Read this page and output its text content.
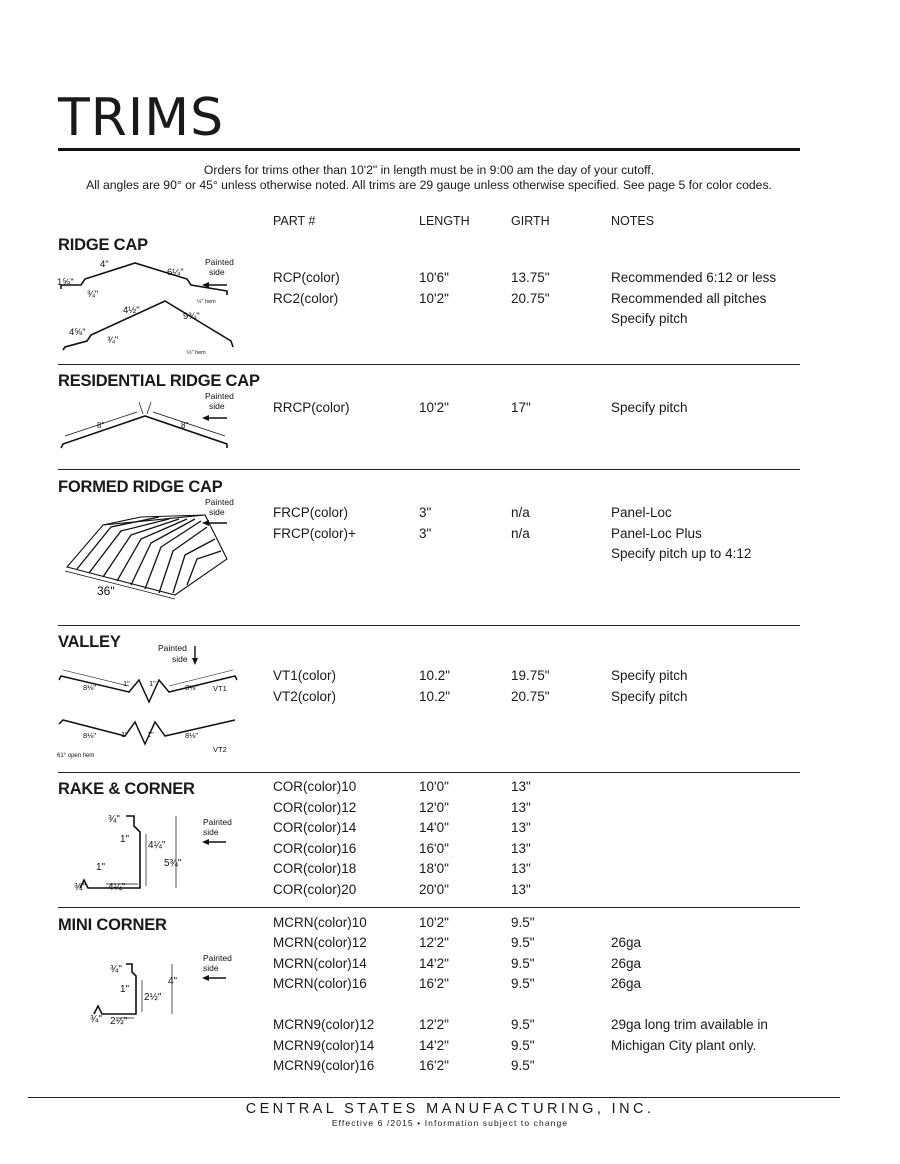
TRIMS
Orders for trims other than 10'2" in length must be in 9:00 am the day of your cutoff.
All angles are 90° or 45° unless otherwise noted. All trims are 29 gauge unless otherwise specified. See page 5 for color codes.
PART #	LENGTH	GIRTH	NOTES
RIDGE CAP
4"
6¼"
1⅝"
¾"
4½"
9¾"
4⅝"
¾"
½" hem
½" hem
Painted
side	RCP(color)	10'6"	13.75"	Recommended 6:12 or less
RC2(color)	10'2"	20.75"	Recommended all pitches
Specify pitch
RESIDENTIAL RIDGE CAP
8"	8"
Painted
side	RRCP(color)	10'2"	17"	Specify pitch
FORMED RIDGE CAP
36"
Painted
side	FRCP(color)	3"	n/a	Panel-Loc
FRCP(color)+	3"	n/a	Panel-Loc Plus
Specify pitch up to 4:12
VALLEY
8⅛"	1"	1"	8⅛"
8⅛"	1"	1"	8⅛"
VT1
VT2
61° open hem
Painted
side
VT1(color)	10.2"	19.75"	Specify pitch
VT2(color)	10.2"	20.75"	Specify pitch
RAKE & CORNER
¾"
1"
4¼"
5¾"
1"
¾" 4¼"
Painted
side
COR(color)10	10'0"	13"
COR(color)12	12'0"	13"
COR(color)14	14'0"	13"
COR(color)16	16'0"	13"
COR(color)18	18'0"	13"
COR(color)20	20'0"	13"
MINI CORNER
¾"
1"
4"
2½"
¾" 2½"
Painted
side
MCRN(color)10	10'2"	9.5"
MCRN(color)12	12'2"	9.5"	26ga
MCRN(color)14	14'2"	9.5"	26ga
MCRN(color)16	16'2"	9.5"	26ga
MCRN9(color)12	12'2"	9.5"	29ga long trim available in
MCRN9(color)14	14'2"	9.5"	Michigan City plant only.
MCRN9(color)16	16'2"	9.5"
CENTRAL STATES MANUFACTURING, INC.
Effective 6 /2015 • Information subject to change
